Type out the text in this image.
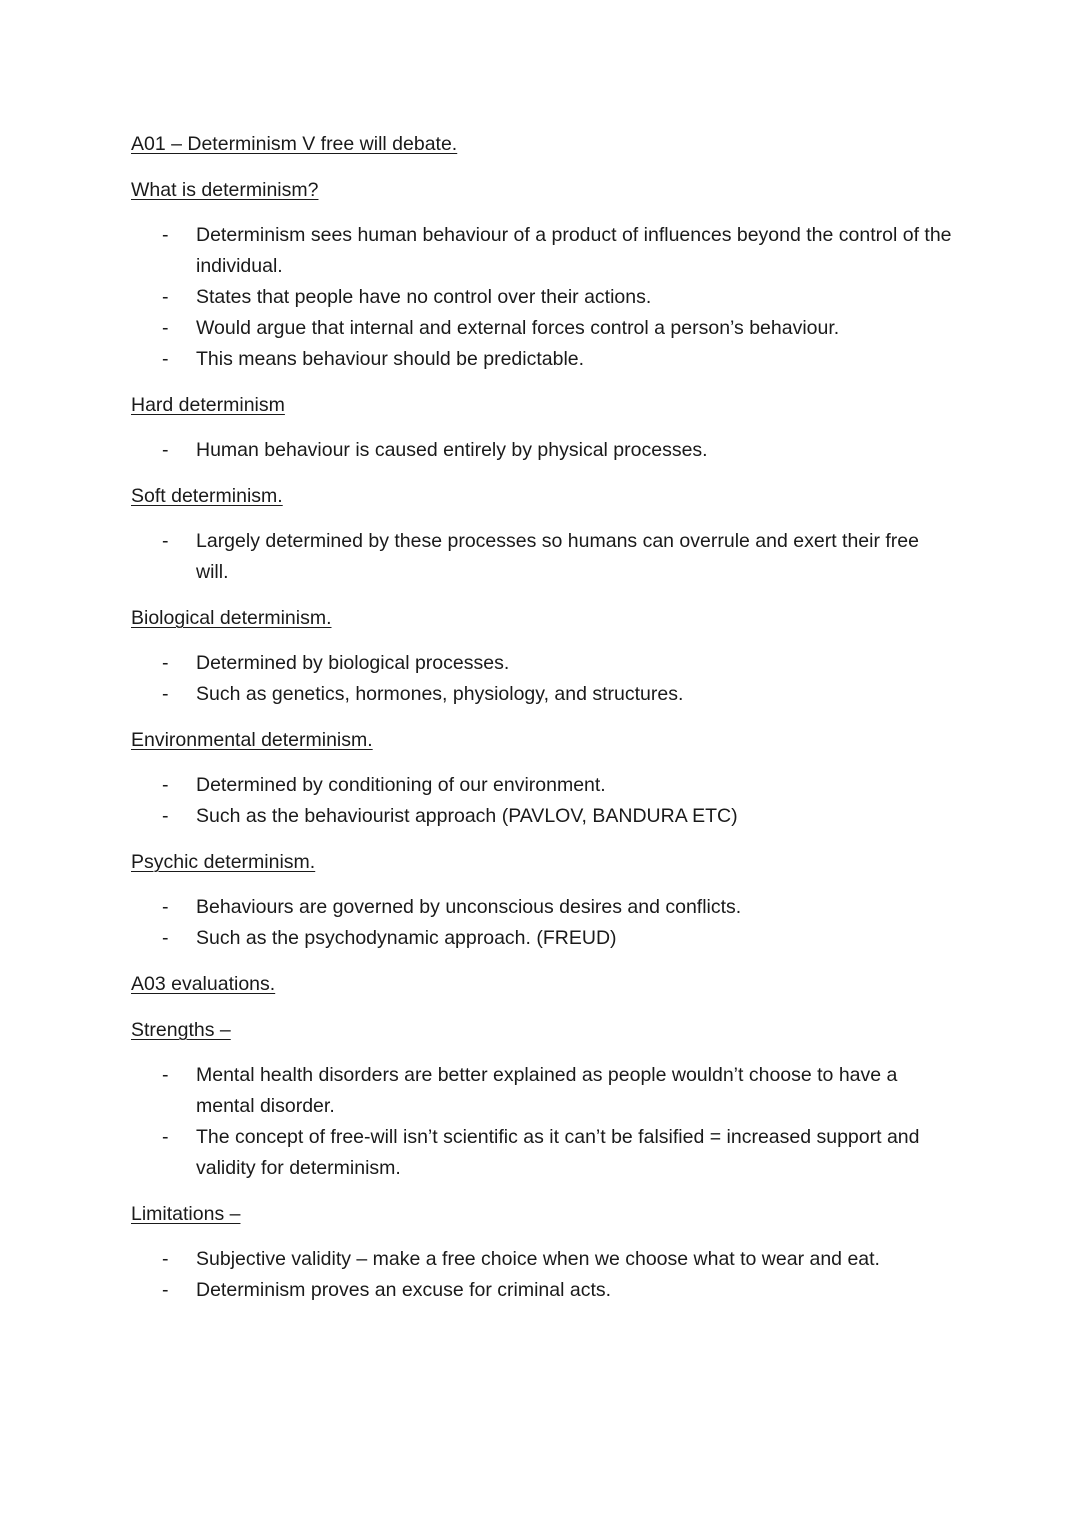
A01 – Determinism V free will debate.

What is determinism?

- Determinism sees human behaviour of a product of influences beyond the control of the individual.
- States that people have no control over their actions.
- Would argue that internal and external forces control a person’s behaviour.
- This means behaviour should be predictable.

Hard determinism

- Human behaviour is caused entirely by physical processes.

Soft determinism.

- Largely determined by these processes so humans can overrule and exert their free will.

Biological determinism.

- Determined by biological processes.
- Such as genetics, hormones, physiology, and structures.

Environmental determinism.

- Determined by conditioning of our environment.
- Such as the behaviourist approach (PAVLOV, BANDURA ETC)

Psychic determinism.

- Behaviours are governed by unconscious desires and conflicts.
- Such as the psychodynamic approach. (FREUD)

A03 evaluations.

Strengths –

- Mental health disorders are better explained as people wouldn’t choose to have a mental disorder.
- The concept of free-will isn’t scientific as it can’t be falsified = increased support and validity for determinism.

Limitations –

- Subjective validity – make a free choice when we choose what to wear and eat.
- Determinism proves an excuse for criminal acts.
